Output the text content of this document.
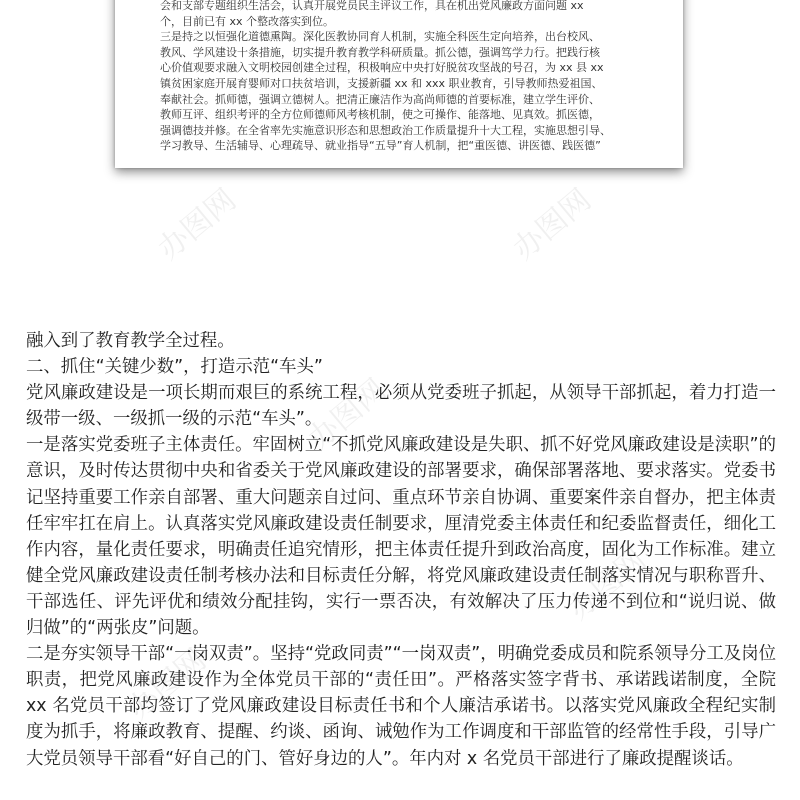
会和支部专题组织生活会，认真开展党员民主评议工作，具在机出党风廉政方面问题 xx
个，目前已有 xx 个整改落实到位。
三是持之以恒强化道德熏陶。深化医教协同育人机制，实施全科医生定向培养，出台校风、
教风、学风建设十条措施，切实提升教育教学科研质量。抓公德，强调笃学力行。把践行核
心价值观要求融入文明校园创建全过程，积极响应中央打好脱贫攻坚战的号召，为 xx 县 xx
镇贫困家庭开展育婴师对口扶贫培训，支援新疆 xx 和 xxx 职业教育，引导教师热爱祖国、
奉献社会。抓师德，强调立德树人。把清正廉洁作为高尚师德的首要标准，建立学生评价、
教师互评、组织考评的全方位师德师风考核机制，使之可操作、能落地、见真效。抓医德，
强调德技并修。在全省率先实施意识形态和思想政治工作质量提升十大工程，实施思想引导、
学习教导、生活辅导、心理疏导、就业指导“五导”育人机制，把“重医德、讲医德、践医德”
办图网	办图网
办图网
办图网
办图网

融入到了教育教学全过程。

二、抓住“关键少数”，打造示范“车头”

党风廉政建设是一项长期而艰巨的系统工程，必须从党委班子抓起，从领导干部抓起，着力打造一级带一级、一级抓一级的示范“车头”。

一是落实党委班子主体责任。牢固树立“不抓党风廉政建设是失职、抓不好党风廉政建设是渎职”的意识，及时传达贯彻中央和省委关于党风廉政建设的部署要求，确保部署落地、要求落实。党委书记坚持重要工作亲自部署、重大问题亲自过问、重点环节亲自协调、重要案件亲自督办，把主体责任牢牢扛在肩上。认真落实党风廉政建设责任制要求，厘清党委主体责任和纪委监督责任，细化工作内容，量化责任要求，明确责任追究情形，把主体责任提升到政治高度，固化为工作标准。建立健全党风廉政建设责任制考核办法和目标责任分解，将党风廉政建设责任制落实情况与职称晋升、干部选任、评先评优和绩效分配挂钩，实行一票否决，有效解决了压力传递不到位和“说归说、做归做”的“两张皮”问题。

二是夯实领导干部“一岗双责”。坚持“党政同责”“一岗双责”，明确党委成员和院系领导分工及岗位职责，把党风廉政建设作为全体党员干部的“责任田”。严格落实签字背书、承诺践诺制度，全院 xx 名党员干部均签订了党风廉政建设目标责任书和个人廉洁承诺书。以落实党风廉政全程纪实制度为抓手，将廉政教育、提醒、约谈、函询、诫勉作为工作调度和干部监管的经常性手段，引导广大党员领导干部看“好自己的门、管好身边的人”。年内对 x 名党员干部进行了廉政提醒谈话。
